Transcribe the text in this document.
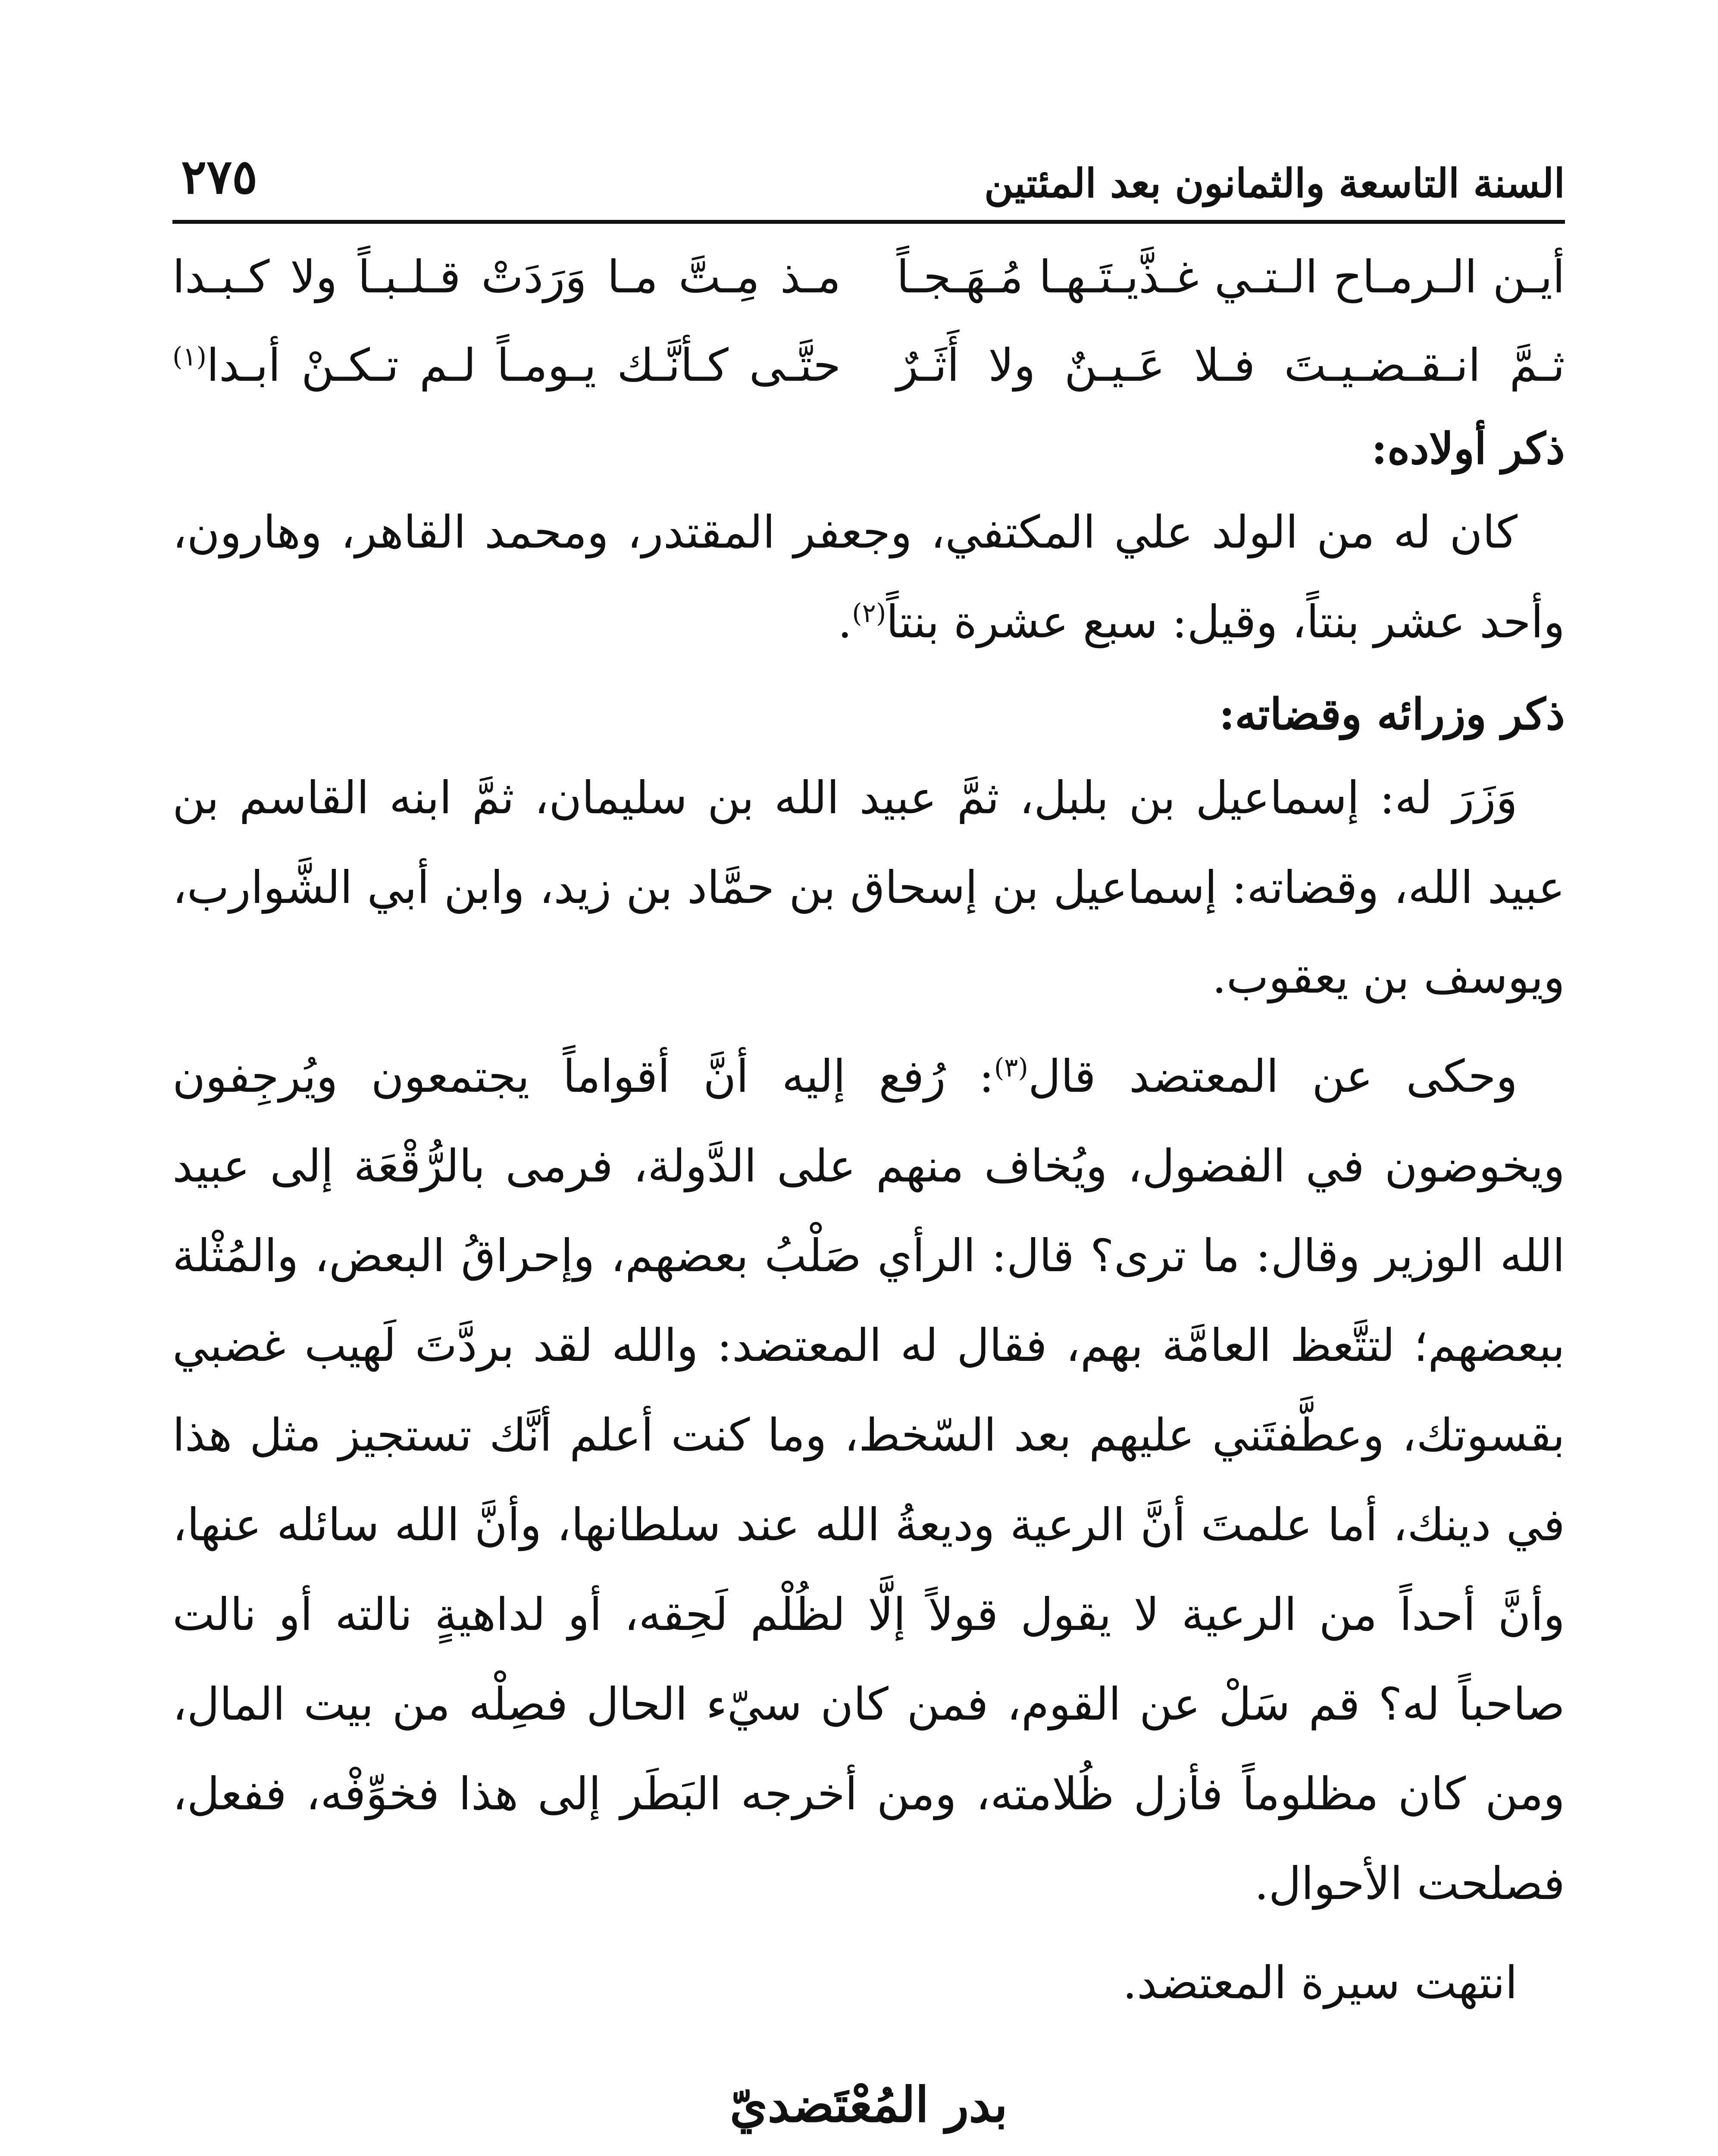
السنة التاسعة والثمانون بعد المئتين
٢٧٥
أيـن الـرمـاح الـتـي غـذَّيـتَـهـا مُـهَـجـاً
مـذ مِـتَّ مـا وَرَدَتْ قـلـبـاً ولا كـبـدا
ثـمَّ انـقـضـيـتَ فـلا عَـيـنٌ ولا أَثَـرٌ
حتَّـى كـأنَّـك يـومـاً لـم تـكـنْ أبـدا$^{(١)}$
ذكر أولاده:

كان له من الولد علي المكتفي، وجعفر المقتدر، ومحمد القاهر، وهارون، وأحد عشر بنتاً، وقيل: سبع عشرة بنتاً$^{(٢)}$.

ذكر وزرائه وقضاته:

وَزَرَ له: إسماعيل بن بلبل، ثمَّ عبيد الله بن سليمان، ثمَّ ابنه القاسم بن عبيد الله، وقضاته: إسماعيل بن إسحاق بن حمَّاد بن زيد، وابن أبي الشَّوارب، ويوسف بن يعقوب.

وحكى عن المعتضد قال$^{(٣)}$: رُفع إليه أنَّ أقواماً يجتمعون ويُرجِفون ويخوضون في الفضول، ويُخاف منهم على الدَّولة، فرمى بالرُّقْعَة إلى عبيد الله الوزير وقال: ما ترى؟ قال: الرأي صَلْبُ بعضهم، وإحراقُ البعض، والمُثْلة ببعضهم؛ لتتَّعظ العامَّة بهم، فقال له المعتضد: والله لقد بردَّتَ لَهيب غضبي بقسوتك، وعطَّفتَني عليهم بعد السّخط، وما كنت أعلم أنَّك تستجيز مثل هذا في دينك، أما علمتَ أنَّ الرعية وديعةُ الله عند سلطانها، وأنَّ الله سائله عنها، وأنَّ أحداً من الرعية لا يقول قولاً إلَّا لظُلْم لَحِقه، أو لداهيةٍ نالته أو نالت صاحباً له؟ قم سَلْ عن القوم، فمن كان سيّء الحال فصِلْه من بيت المال، ومن كان مظلوماً فأزل ظُلامته، ومن أخرجه البَطَر إلى هذا فخوِّفْه، ففعل، فصلحت الأحوال.

انتهت سيرة المعتضد.

بدر المُعْتَضديّ
